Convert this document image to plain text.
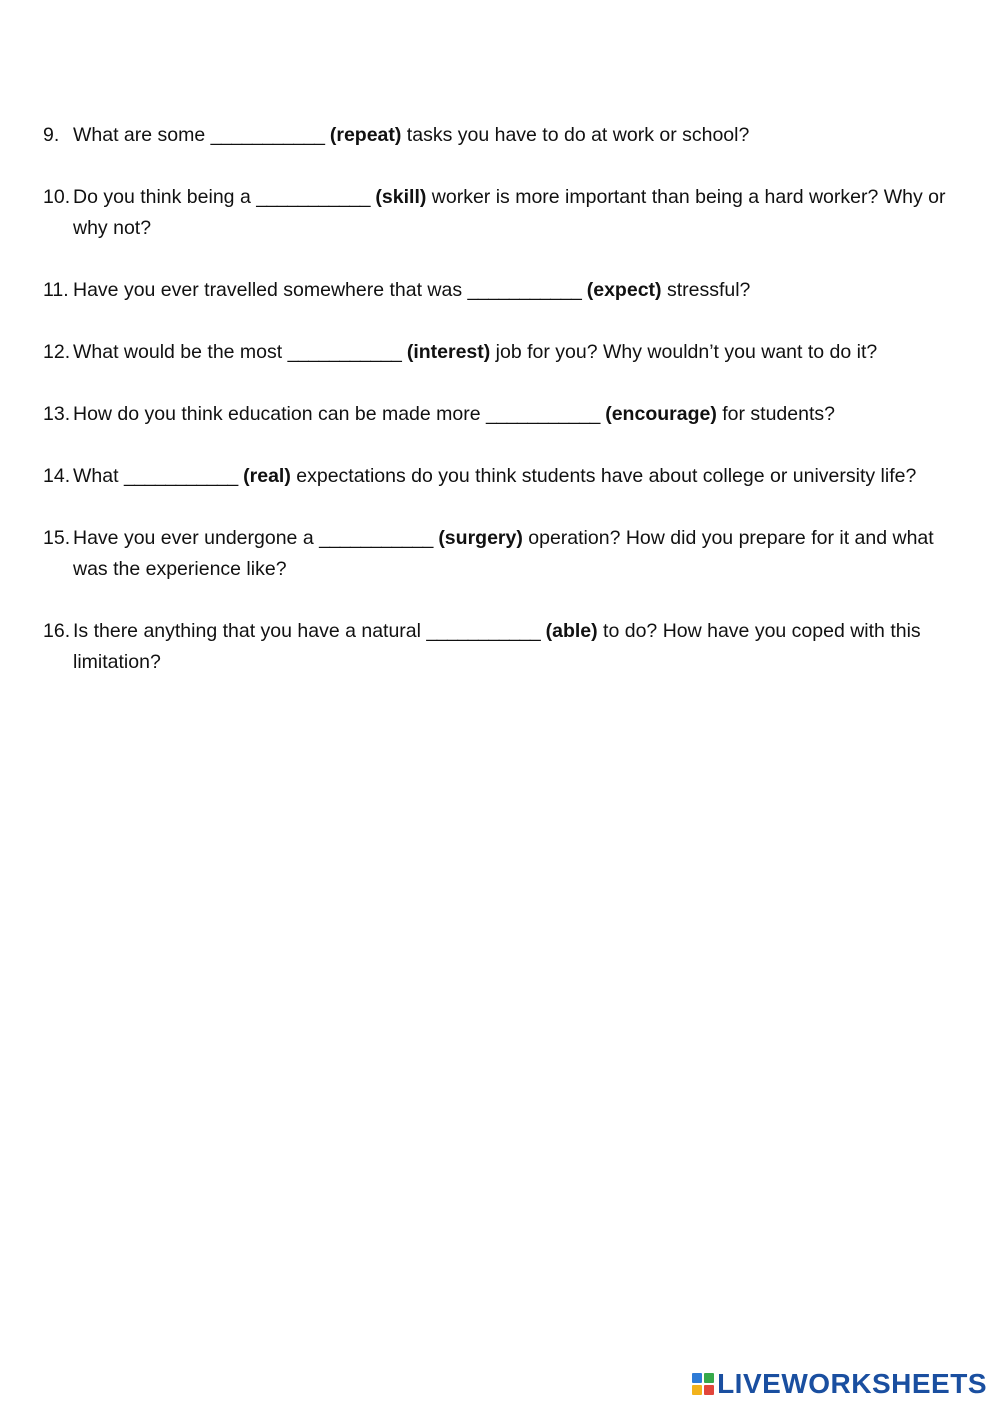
9. What are some ___________ (repeat) tasks you have to do at work or school?
10. Do you think being a ___________ (skill) worker is more important than being a hard worker? Why or why not?
11. Have you ever travelled somewhere that was ___________ (expect) stressful?
12. What would be the most ___________ (interest) job for you? Why wouldn’t you want to do it?
13. How do you think education can be made more ___________ (encourage) for students?
14. What ___________ (real) expectations do you think students have about college or university life?
15. Have you ever undergone a ___________ (surgery) operation? How did you prepare for it and what was the experience like?
16. Is there anything that you have a natural ___________ (able) to do? How have you coped with this limitation?
LIVEWORKSHEETS
